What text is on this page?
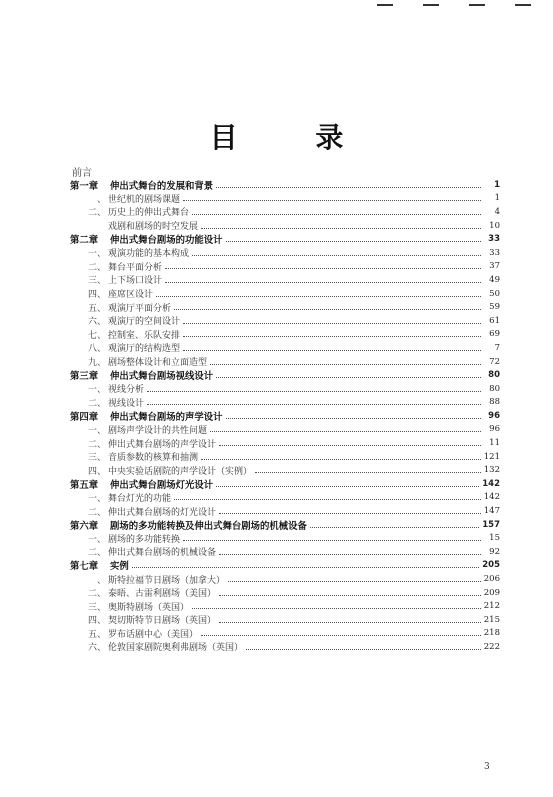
目 录
前言
第一章	伸出式舞台的发展和背景	1
、 世纪机的剧场课题	1
二、 历史上的伸出式舞台	4
戏剧和剧场的时空发展	10
第二章	伸出式舞台剧场的功能设计	33
一、 观演功能的基本构成	33
二、 舞台平面分析	37
三、 上下场口设计	49
四、 座席区设计	50
五、 观演厅平面分析	59
六、 观演厅的空间设计	61
七、 控制室、乐队安排	69
八、 观演厅的结构选型	7
九、 剧场整体设计和立面造型	72
第三章	伸出式舞台剧场视线设计	80
一、 视线分析	80
二、 视线设计	88
第四章	伸出式舞台剧场的声学设计	96
一、 剧场声学设计的共性问题	96
二、 伸出式舞台剧场的声学设计	11
三、 音质参数的核算和抽测	121
四、 中央实验话剧院的声学设计（实例）	132
第五章	伸出式舞台剧场灯光设计	142
一、 舞台灯光的功能	142
二、 伸出式舞台剧场的灯光设计	147
第六章	剧场的多功能转换及伸出式舞台剧场的机械设备	157
一、 剧场的多功能转换	15
二、 伸出式舞台剧场的机械设备	92
第七章	实例	205
、 斯特拉福节日剧场（加拿大）	206
二、 泰晤、古雷利剧场（美国）	209
三、 奥斯特剧场（英国）	212
四、 契切斯特节日剧场（英国）	215
五、 罗布话剧中心（美国）	218
六、 伦敦国家剧院奥利弗剧场（英国）	222
3
